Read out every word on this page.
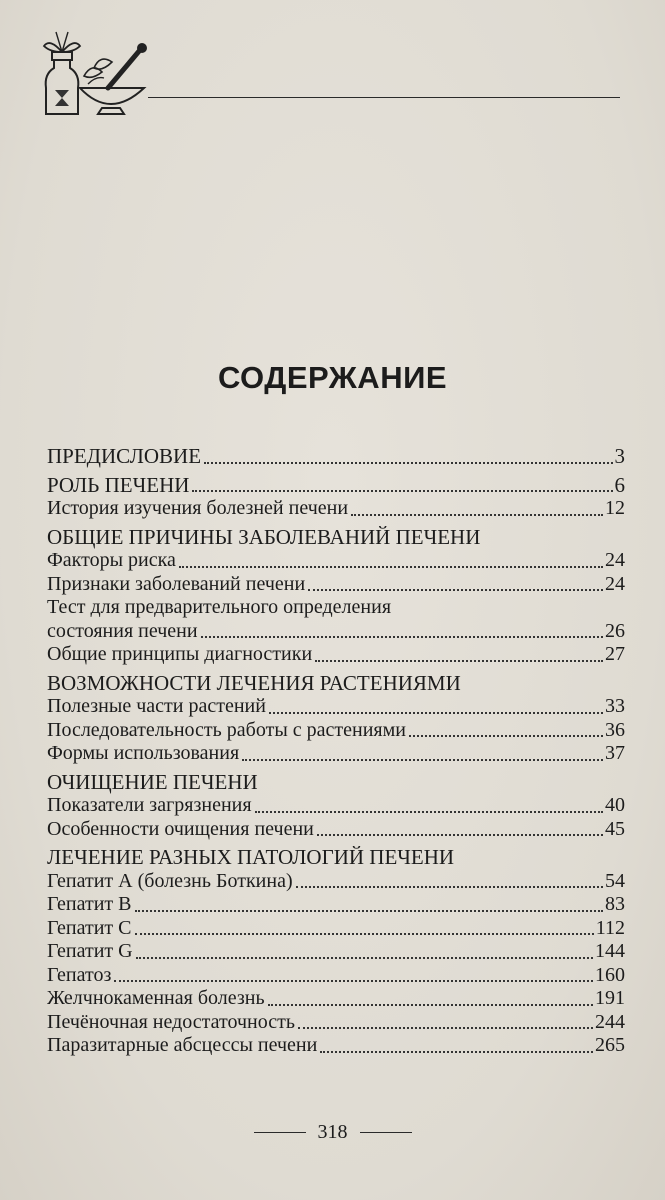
СОДЕРЖАНИЕ
ПРЕДИСЛОВИЕ	3
РОЛЬ ПЕЧЕНИ	6
История изучения болезней печени	12
ОБЩИЕ ПРИЧИНЫ ЗАБОЛЕВАНИЙ ПЕЧЕНИ
Факторы риска	24
Признаки заболеваний печени	24
Тест для предварительного определения
состояния печени	26
Общие принципы диагностики	27
ВОЗМОЖНОСТИ ЛЕЧЕНИЯ РАСТЕНИЯМИ
Полезные части растений	33
Последовательность работы с растениями	36
Формы использования	37
ОЧИЩЕНИЕ ПЕЧЕНИ
Показатели загрязнения	40
Особенности очищения печени	45
ЛЕЧЕНИЕ РАЗНЫХ ПАТОЛОГИЙ ПЕЧЕНИ
Гепатит А (болезнь Боткина)	54
Гепатит В	83
Гепатит С	112
Гепатит G	144
Гепатоз	160
Желчнокаменная болезнь	191
Печёночная недостаточность	244
Паразитарные абсцессы печени	265
318
